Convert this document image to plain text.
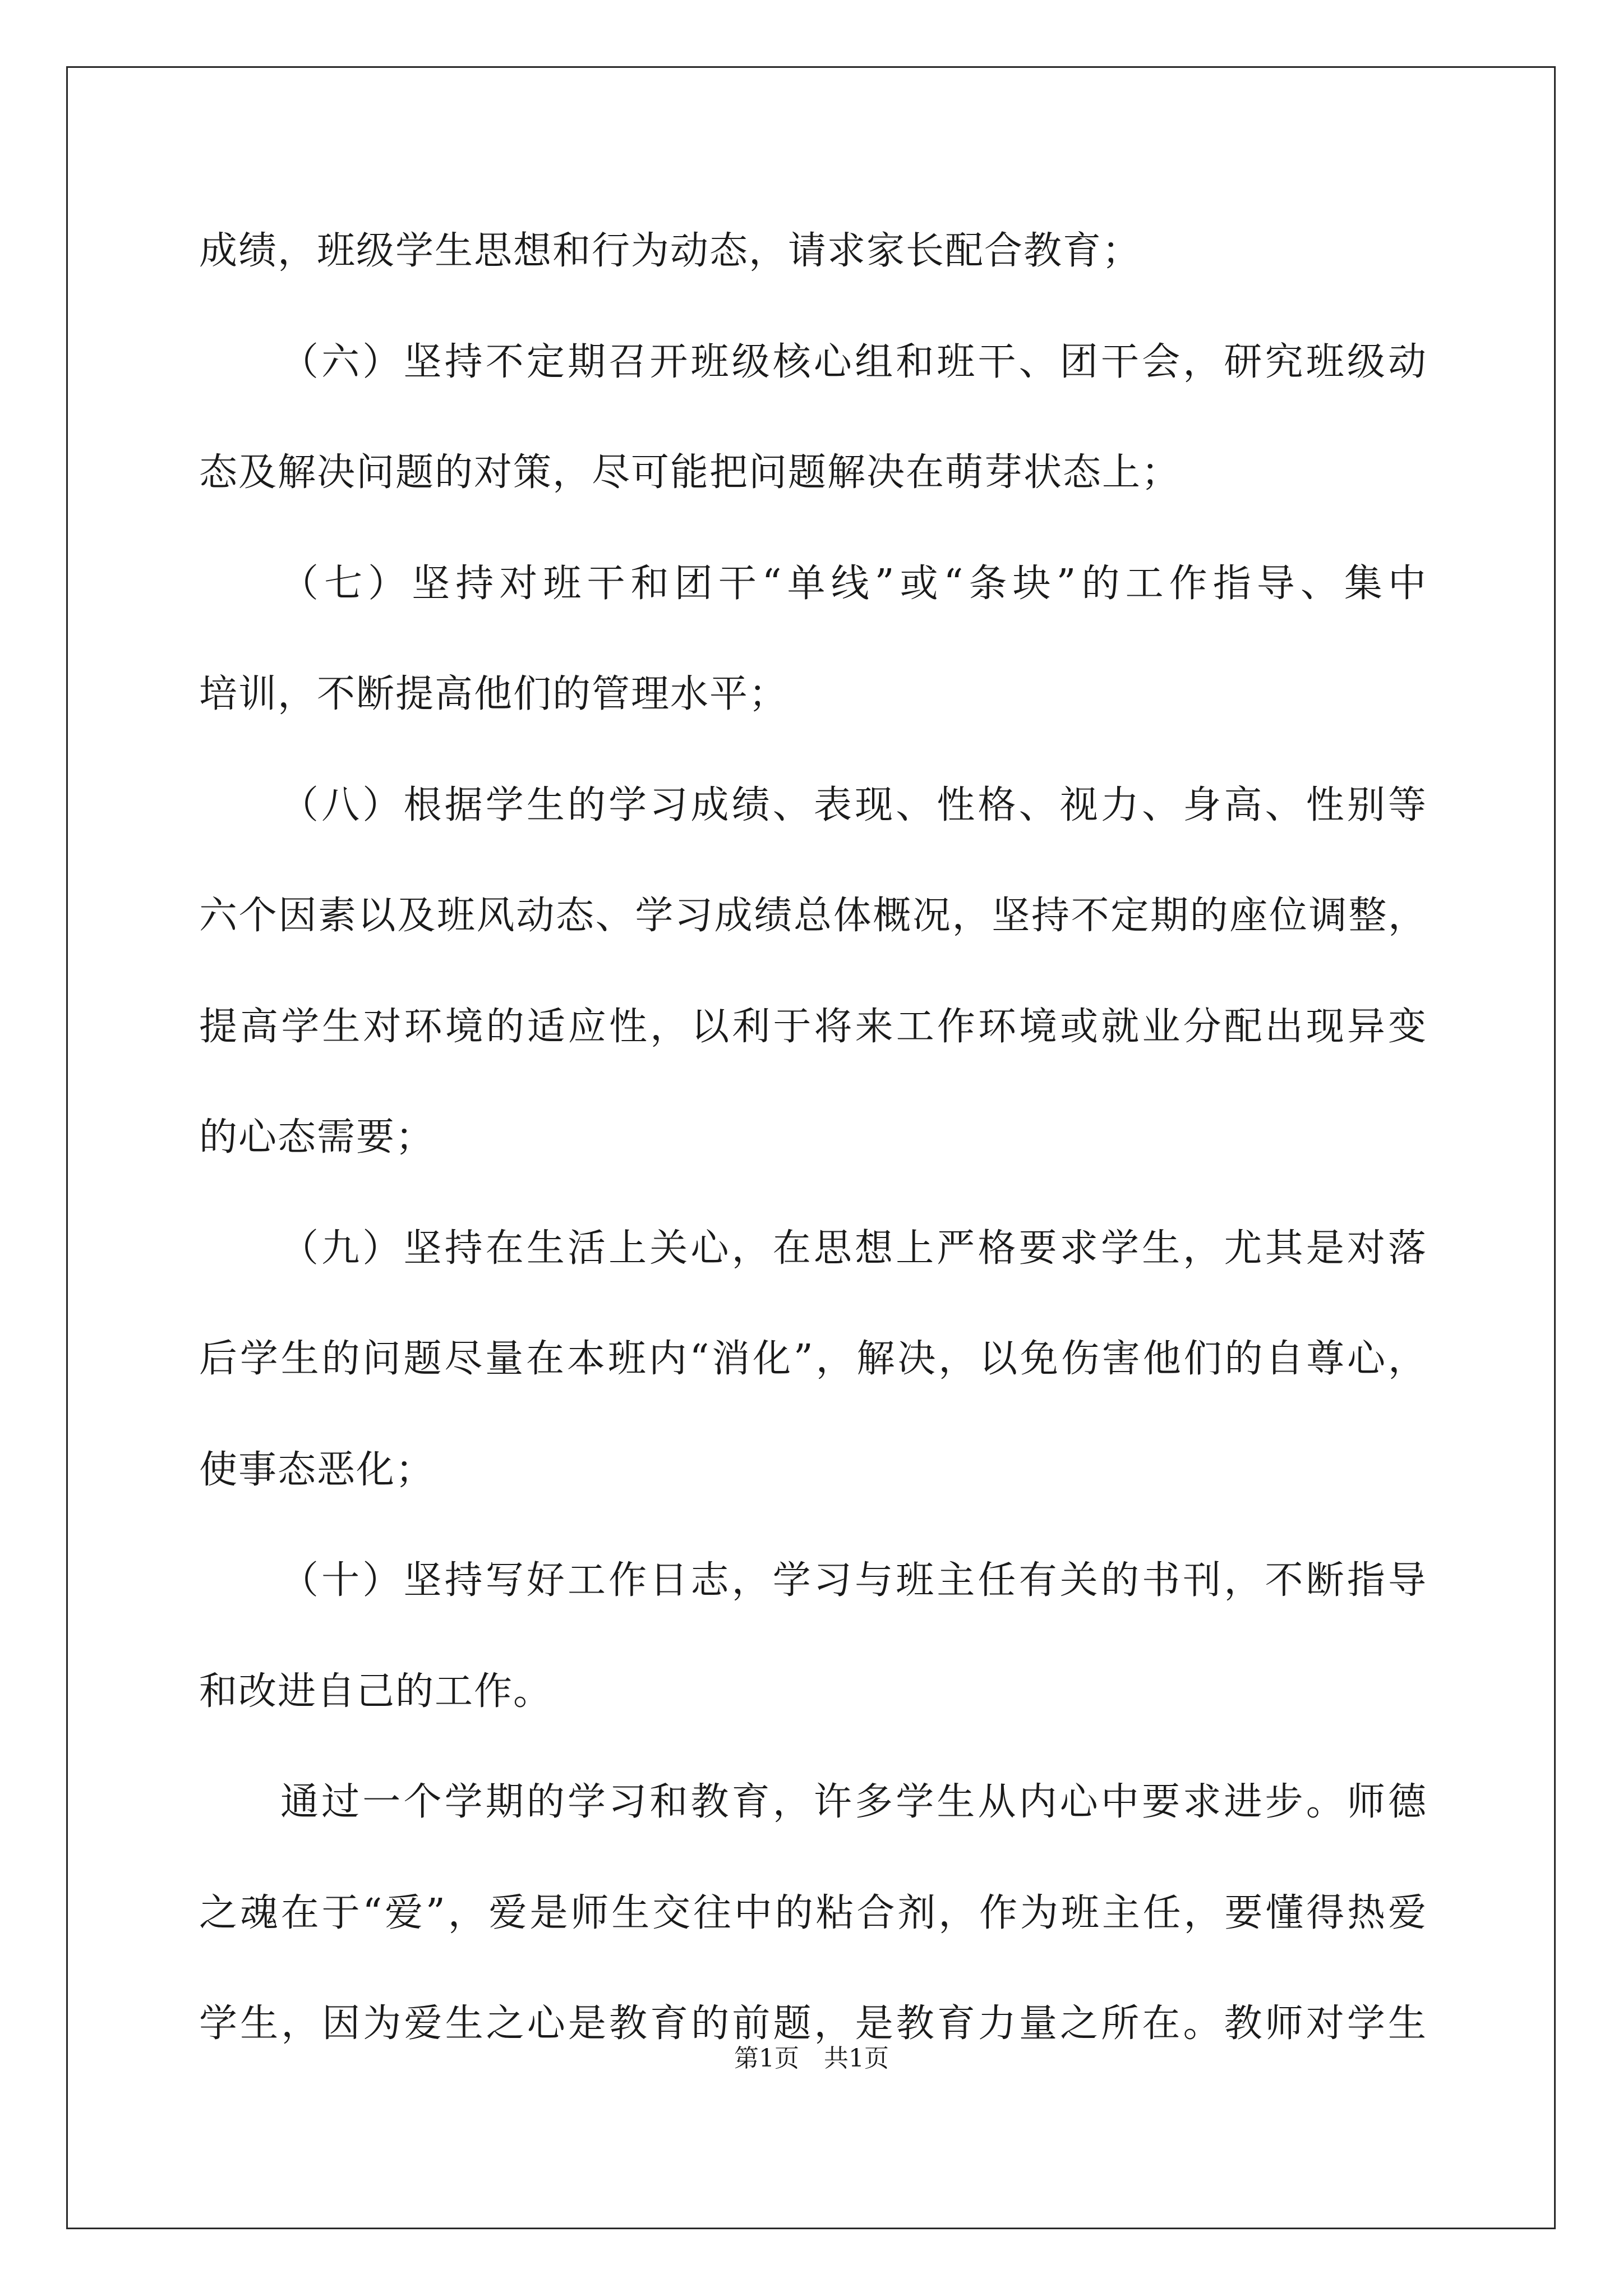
成绩，班级学生思想和行为动态，请求家长配合教育；
（六）坚持不定期召开班级核心组和班干、团干会，研究班级动
态及解决问题的对策，尽可能把问题解决在萌芽状态上；
（七）坚持对班干和团干“单线”或“条块”的工作指导、集中
培训，不断提高他们的管理水平；
（八）根据学生的学习成绩、表现、性格、视力、身高、性别等
六个因素以及班风动态、学习成绩总体概况，坚持不定期的座位调整，
提高学生对环境的适应性，以利于将来工作环境或就业分配出现异变
的心态需要；
（九）坚持在生活上关心，在思想上严格要求学生，尤其是对落
后学生的问题尽量在本班内“消化”，解决，以免伤害他们的自尊心，
使事态恶化；
（十）坚持写好工作日志，学习与班主任有关的书刊，不断指导
和改进自己的工作。
通过一个学期的学习和教育，许多学生从内心中要求进步。师德
之魂在于“爱”，爱是师生交往中的粘合剂，作为班主任，要懂得热爱
学生，因为爱生之心是教育的前题，是教育力量之所在。教师对学生
第1页　共1页
